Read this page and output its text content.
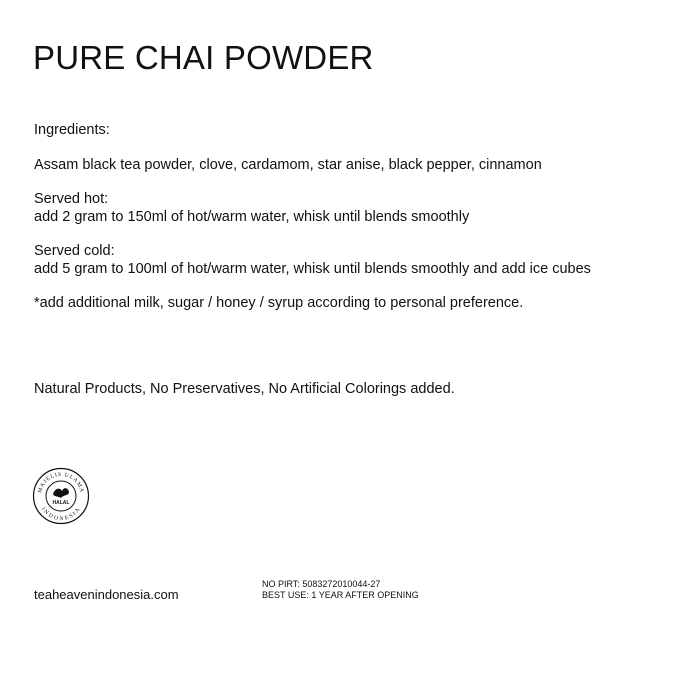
PURE CHAI POWDER

Ingredients:

Assam black tea powder, clove, cardamom, star anise, black pepper, cinnamon

Served hot:

add 2 gram to 150ml of hot/warm water, whisk until blends smoothly

Served cold:

add 5 gram to 100ml of hot/warm water, whisk until blends smoothly and add ice cubes

*add additional milk, sugar / honey / syrup according to personal preference.

Natural Products, No Preservatives, No Artificial Colorings added.

MAJELIS ULAMA
INDONESIA
HALAL
teaheavenindonesia.com
NO PIRT: 5083272010044-27
BEST USE: 1 YEAR AFTER OPENING
